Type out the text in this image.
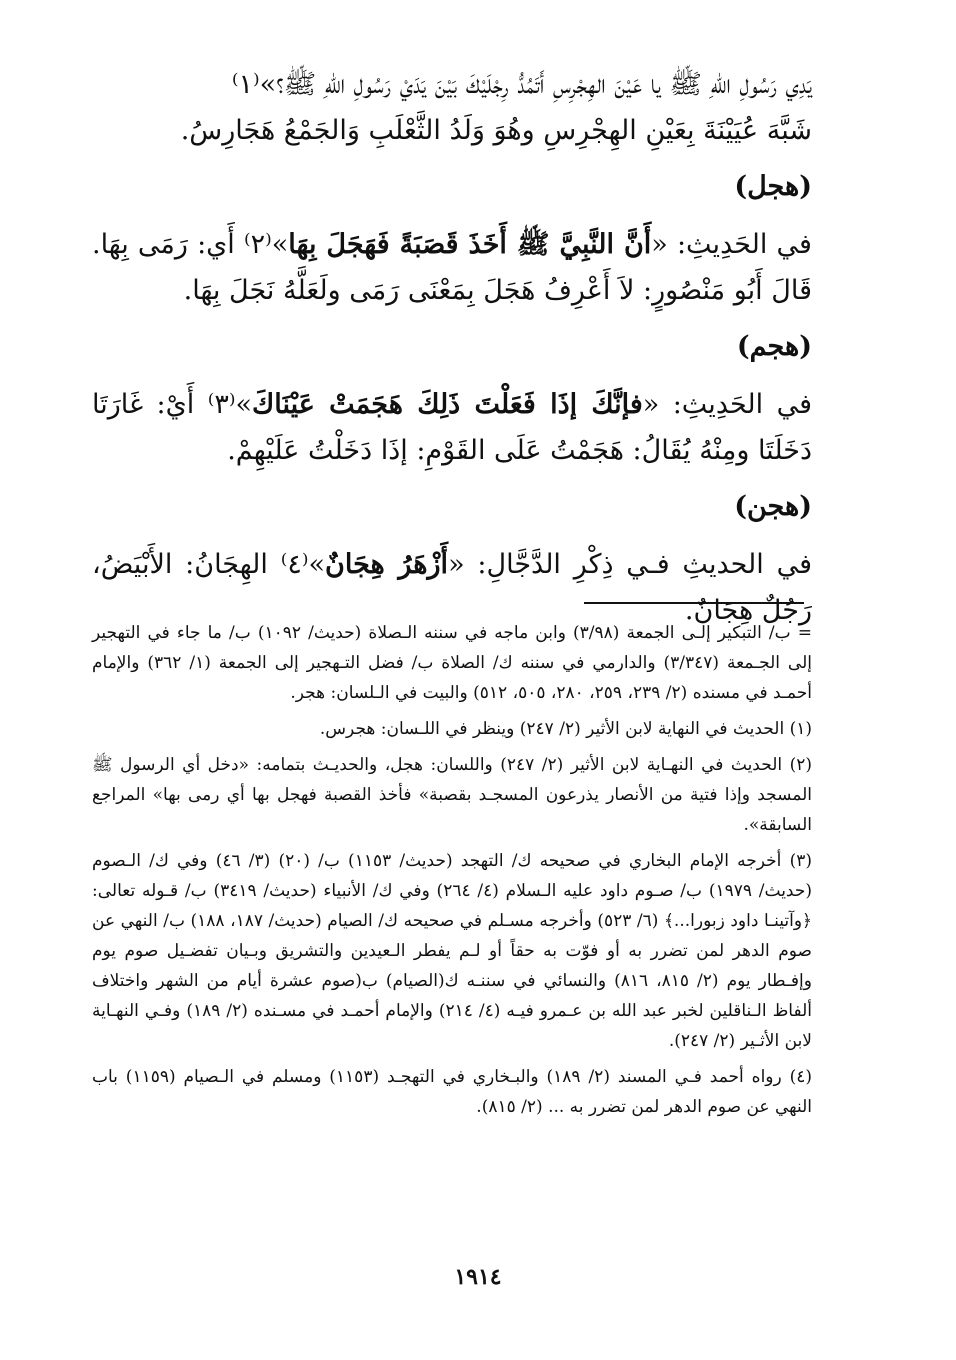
يَدِي رَسُولِ اللهِ ﷺ يا عَيْنَ الهِجْرِسِ أَتَمُدُّ رِجْلَيْكَ بَيْنَ يَدَيْ رَسُولِ اللهِ ﷺ؟»⁽١⁾

شَبَّهَ عُيَيْنَةَ بِعَيْنِ الهِجْرِسِ وهُوَ وَلَدُ الثَّعْلَبِ وَالجَمْعُ هَجَارِسُ.

(هجل)

في الحَدِيثِ: «أَنَّ النَّبِيَّ ﷺ أَخَذَ قَصَبَةً فَهَجَلَ بِهَا»⁽٢⁾ أَي: رَمَى بِهَا. قَالَ أَبُو مَنْصُورٍ: لاَ أَعْرِفُ هَجَلَ بِمَعْنَى رَمَى ولَعَلَّهُ نَجَلَ بِهَا.

(هجم)

في الحَدِيثِ: «فإنَّكَ إذَا فَعَلْتَ ذَلِكَ هَجَمَتْ عَيْنَاكَ»⁽٣⁾ أَيْ: غَارَتَا دَخَلَتَا ومِنْهُ يُقَالُ: هَجَمْتُ عَلَى القَوْمِ: إذَا دَخَلْتُ عَلَيْهِمْ.

(هجن)

في الحديثِ فـي ذِكْرِ الدَّجَّالِ: «أَزْهَرُ هِجَانٌ»⁽٤⁾ الهِجَانُ: الأَبْيَضُ، رَجُلٌ هِجَانٌ.

= ب/ التبكير إلـى الجمعة (٣/٩٨) وابن ماجه في سننه الـصلاة (حديث/ ١٠٩٢) ب/ ما جاء في التهجير إلى الجـمعة (٣/٣٤٧) والدارمي في سننه ك/ الصلاة ب/ فضل التـهجير إلى الجمعة (١/ ٣٦٢) والإمام أحمـد في مسنده (٢/ ٢٣٩، ٢٥٩، ٢٨٠، ٥٠٥، ٥١٢) والبيت في الـلسان: هجر.

(١) الحديث في النهاية لابن الأثير (٢/ ٢٤٧) وينظر في اللـسان: هجرس.

(٢) الحديث في النهـاية لابن الأثير (٢/ ٢٤٧) واللسان: هجل، والحديـث بتمامه: «دخل أي الرسول ﷺ المسجد وإذا فتية من الأنصار يذرعون المسجـد بقصبة» فأخذ القصبة فهجل بها أي رمى بها» المراجع السابقة».

(٣) أخرجه الإمام البخاري في صحيحه ك/ التهجد (حديث/ ١١٥٣) ب/ (٢٠) (٣/ ٤٦) وفي ك/ الـصوم (حديث/ ١٩٧٩) ب/ صـوم داود عليه الـسلام (٤/ ٢٦٤) وفي ك/ الأنبياء (حديث/ ٣٤١٩) ب/ قـوله تعالى: ﴿وآتينـا داود زبورا...﴾ (٦/ ٥٢٣) وأخرجه مسـلم في صحيحه ك/ الصيام (حديث/ ١٨٧، ١٨٨) ب/ النهي عن صوم الدهر لمن تضرر به أو فوّت به حقاً أو لـم يفطر الـعيدين والتشريق وبـيان تفضـيل صوم يوم وإفـطار يوم (٢/ ٨١٥، ٨١٦) والنسائي في سننـه ك(الصيام) ب(صوم عشرة أيام من الشهر واختلاف ألفاظ الـناقلين لخبر عبد الله بن عـمرو فيـه (٤/ ٢١٤) والإمام أحمـد في مسـنده (٢/ ١٨٩) وفـي النهـاية لابن الأثـير (٢/ ٢٤٧).

(٤) رواه أحمد فـي المسند (٢/ ١٨٩) والبـخاري في التهجـد (١١٥٣) ومسلم في الـصيام (١١٥٩) باب النهي عن صوم الدهر لمن تضرر به ... (٢/ ٨١٥).

١٩١٤
